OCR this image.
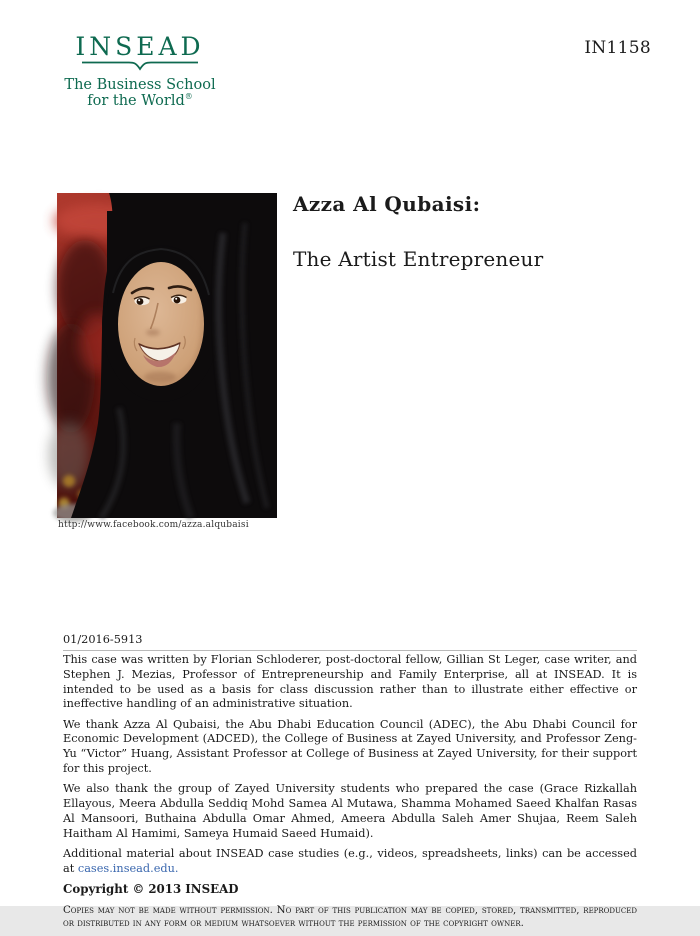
INSEAD
The Business School
for the World®
IN1158
http://www.facebook.com/azza.alqubaisi
Azza Al Qubaisi:
The Artist Entrepreneur
01/2016-5913

This case was written by Florian Schloderer, post-doctoral fellow, Gillian St Leger, case writer, and Stephen J. Mezias, Professor of Entrepreneurship and Family Enterprise, all at INSEAD. It is intended to be used as a basis for class discussion rather than to illustrate either effective or ineffective handling of an administrative situation.

We thank Azza Al Qubaisi, the Abu Dhabi Education Council (ADEC), the Abu Dhabi Council for Economic Development (ADCED), the College of Business at Zayed University, and Professor Zeng-Yu “Victor” Huang, Assistant Professor at College of Business at Zayed University, for their support for this project.

We also thank the group of Zayed University students who prepared the case (Grace Rizkallah Ellayous, Meera Abdulla Seddiq Mohd Samea Al Mutawa, Shamma Mohamed Saeed Khalfan Rasas Al Mansoori, Buthaina Abdulla Omar Ahmed, Ameera Abdulla Saleh Amer Shujaa, Reem Saleh Haitham Al Hamimi, Sameya Humaid Saeed Humaid).

Additional material about INSEAD case studies (e.g., videos, spreadsheets, links) can be accessed at cases.insead.edu.

Copyright © 2013 INSEAD

Copies may not be made without permission. No part of this publication may be copied, stored, transmitted, reproduced or distributed in any form or medium whatsoever without the permission of the copyright owner.
